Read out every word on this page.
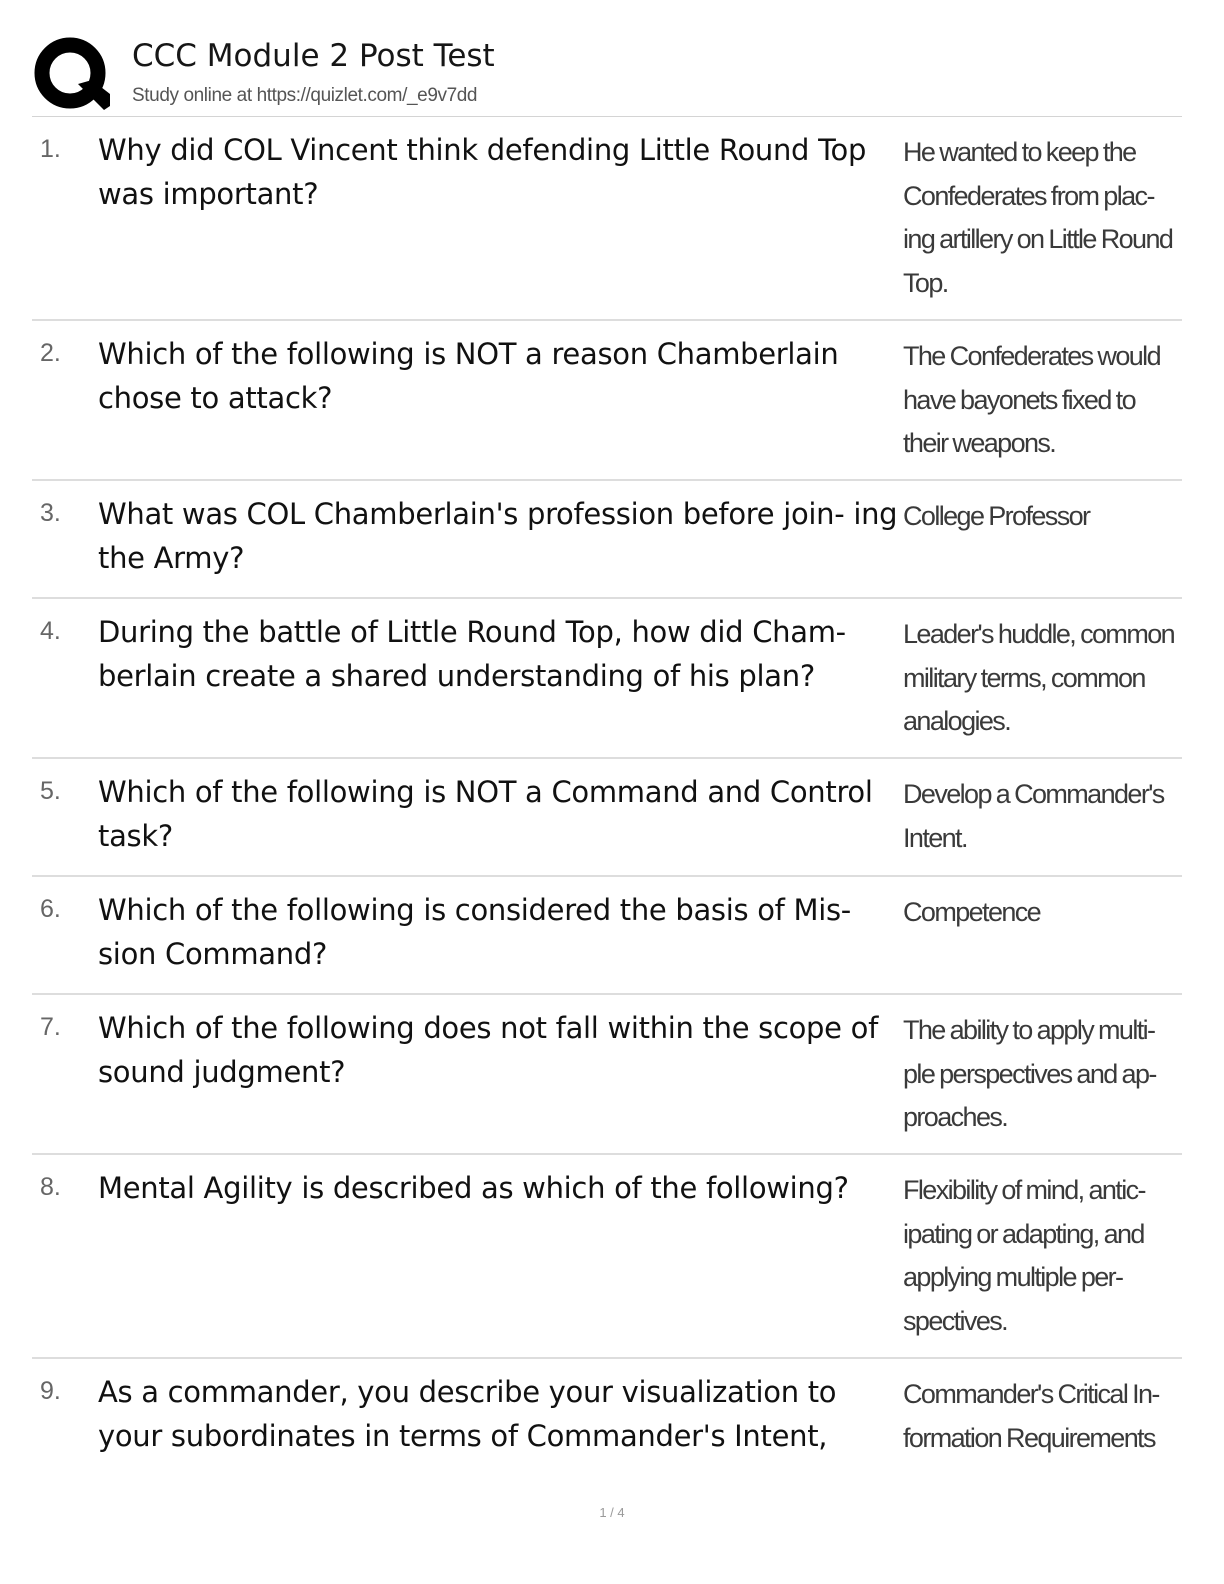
CCC Module 2 Post Test
Study online at https://quizlet.com/_e9v7dd
1. Why did COL Vincent think defending Little Round Top was important?
He wanted to keep the Confederates from plac- ing artillery on Little Round Top.
2. Which of the following is NOT a reason Chamberlain chose to attack?
The Confederates would have bayonets fixed to their weapons.
3. What was COL Chamberlain's profession before join- ing the Army?
College Professor
4. During the battle of Little Round Top, how did Cham- berlain create a shared understanding of his plan?
Leader's huddle, common military terms, common analogies.
5. Which of the following is NOT a Command and Control task?
Develop a Commander's Intent.
6. Which of the following is considered the basis of Mis- sion Command?
Competence
7. Which of the following does not fall within the scope of sound judgment?
The ability to apply multi- ple perspectives and ap- proaches.
8. Mental Agility is described as which of the following?	Flexibility of mind, antic- ipating or adapting, and applying multiple per- spectives.
9. As a commander, you describe your visualization to your subordinates in terms of Commander's Intent,
Commander's Critical In- formation Requirements
1 / 4
